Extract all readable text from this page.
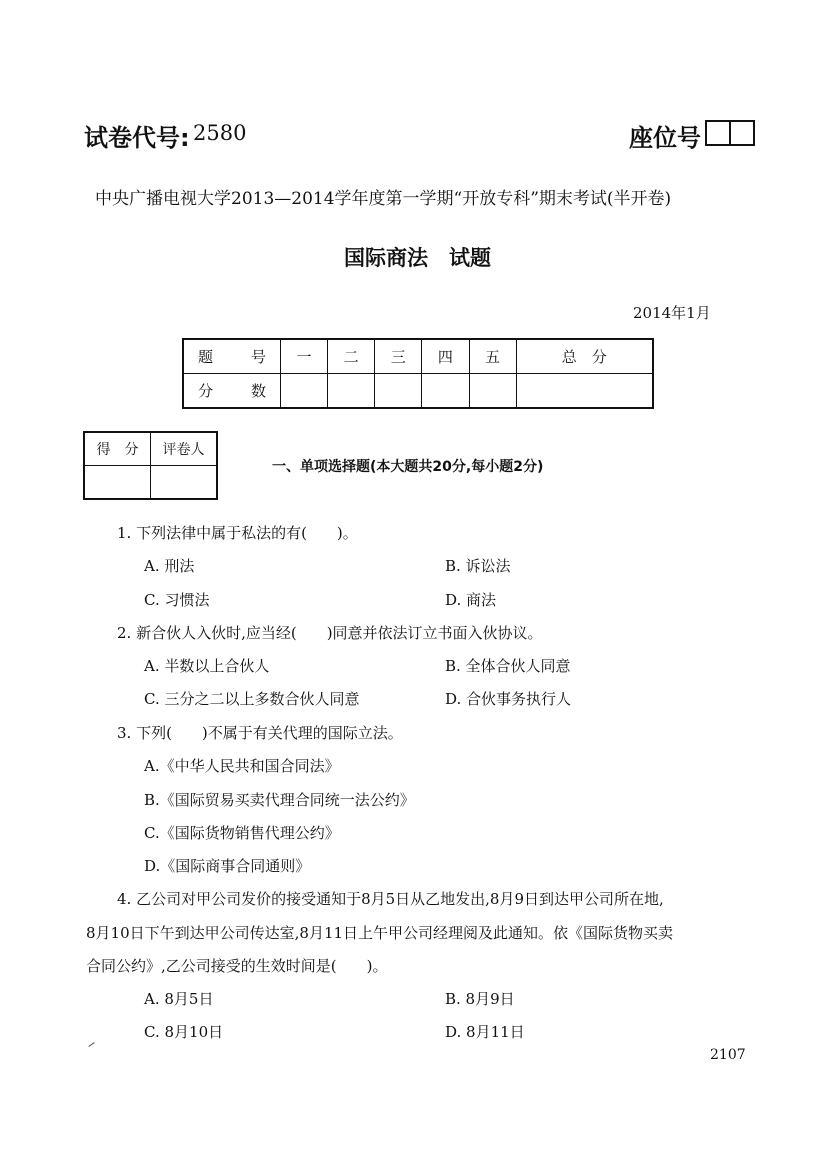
试卷代号: 2580	座位号
中央广播电视大学2013—2014学年度第一学期“开放专科”期末考试(半开卷)
国际商法　试题
2014年1月
题　号	一	二	三	四	五	总　分
分　数						
得　分	评卷人

一、单项选择题(本大题共20分,每小题2分)
1. 下列法律中属于私法的有(　　)。
A. 刑法	B. 诉讼法
C. 习惯法	D. 商法
2. 新合伙人入伙时,应当经(　　)同意并依法订立书面入伙协议。
A. 半数以上合伙人	B. 全体合伙人同意
C. 三分之二以上多数合伙人同意	D. 合伙事务执行人
3. 下列(　　)不属于有关代理的国际立法。
A.《中华人民共和国合同法》
B.《国际贸易买卖代理合同统一法公约》
C.《国际货物销售代理公约》
D.《国际商事合同通则》
4. 乙公司对甲公司发价的接受通知于8月5日从乙地发出,8月9日到达甲公司所在地,
8月10日下午到达甲公司传达室,8月11日上午甲公司经理阅及此通知。依《国际货物买卖
合同公约》,乙公司接受的生效时间是(　　)。
A. 8月5日	B. 8月9日
C. 8月10日	D. 8月11日
2107
